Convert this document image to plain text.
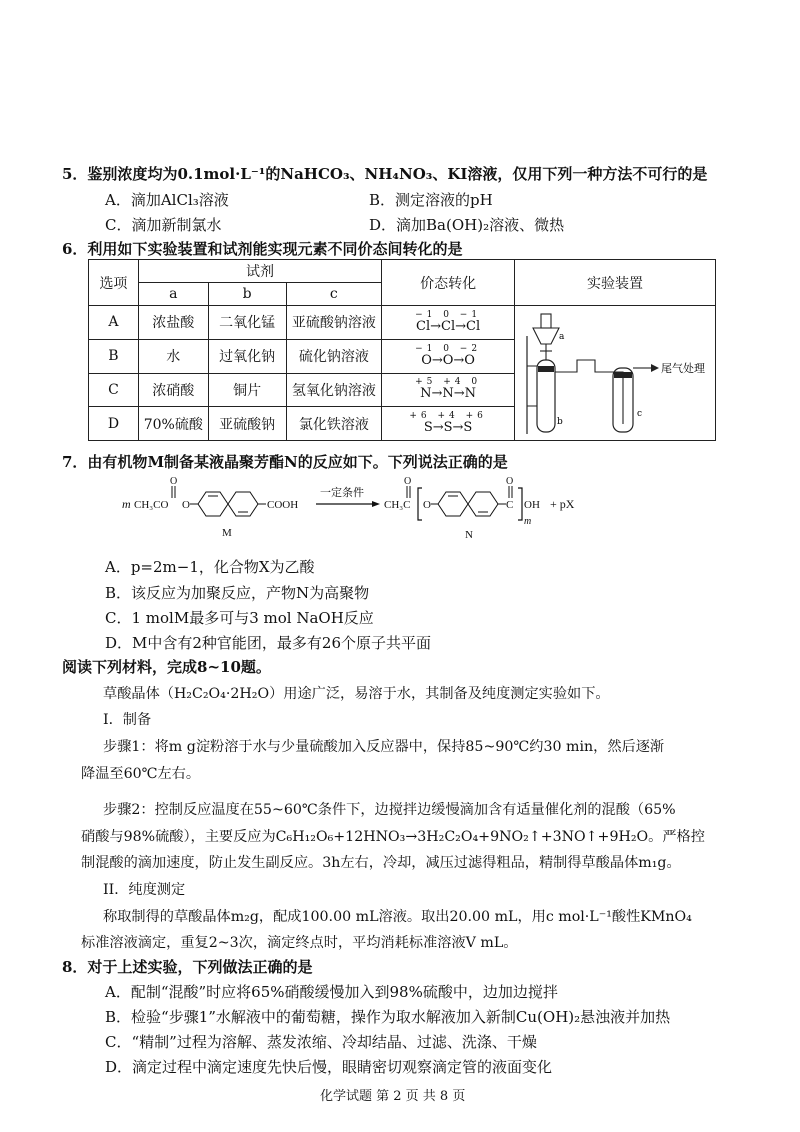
5．鉴别浓度均为0.1mol·L⁻¹的NaHCO₃、NH₄NO₃、KI溶液，仅用下列一种方法不可行的是
A．滴加AlCl₃溶液	B．测定溶液的pH
C．滴加新制氯水	D．滴加Ba(OH)₂溶液、微热
6．利用如下实验装置和试剂能实现元素不同价态间转化的是
选项	试剂			价态转化	实验装置
	a	b	c		
A	浓盐酸	二氧化锰	亚硫酸钠溶液	−1 0 −1
Cl→Cl→Cl	a
b
c
尾气处理

B	水	过氧化钠	硫化钠溶液	−1 0 −2
O→O→O	

C	浓硝酸	铜片	氢氧化钠溶液	+5 +4 0
N→N→N	

D	70%硫酸	亚硫酸钠	氯化铁溶液	+6 +4 +6
S→S→S	
7．由有机物M制备某液晶聚芳酯N的反应如下。下列说法正确的是
m CH₃CO
O
O	COOH
M
一定条件
CH₃C
O
O	C
O
m
OH + pX
N
A．p=2m−1，化合物X为乙酸
B．该反应为加聚反应，产物N为高聚物
C．1 molM最多可与3 mol NaOH反应
D．M中含有2种官能团，最多有26个原子共平面
阅读下列材料，完成8~10题。
草酸晶体（H₂C₂O₄·2H₂O）用途广泛，易溶于水，其制备及纯度测定实验如下。
I．制备
步骤1：将m g淀粉溶于水与少量硫酸加入反应器中，保持85~90℃约30 min，然后逐渐
降温至60℃左右。
步骤2：控制反应温度在55~60℃条件下，边搅拌边缓慢滴加含有适量催化剂的混酸（65%
硝酸与98%硫酸），主要反应为C₆H₁₂O₆+12HNO₃→3H₂C₂O₄+9NO₂↑+3NO↑+9H₂O。严格控
制混酸的滴加速度，防止发生副反应。3h左右，冷却，减压过滤得粗品，精制得草酸晶体m₁g。
II．纯度测定
称取制得的草酸晶体m₂g，配成100.00 mL溶液。取出20.00 mL，用c mol·L⁻¹酸性KMnO₄
标准溶液滴定，重复2~3次，滴定终点时，平均消耗标准溶液V mL。
8．对于上述实验，下列做法正确的是
A．配制“混酸”时应将65%硝酸缓慢加入到98%硫酸中，边加边搅拌
B．检验“步骤1”水解液中的葡萄糖，操作为取水解液加入新制Cu(OH)₂悬浊液并加热
C．“精制”过程为溶解、蒸发浓缩、冷却结晶、过滤、洗涤、干燥
D．滴定过程中滴定速度先快后慢，眼睛密切观察滴定管的液面变化
化学试题 第 2 页 共 8 页
